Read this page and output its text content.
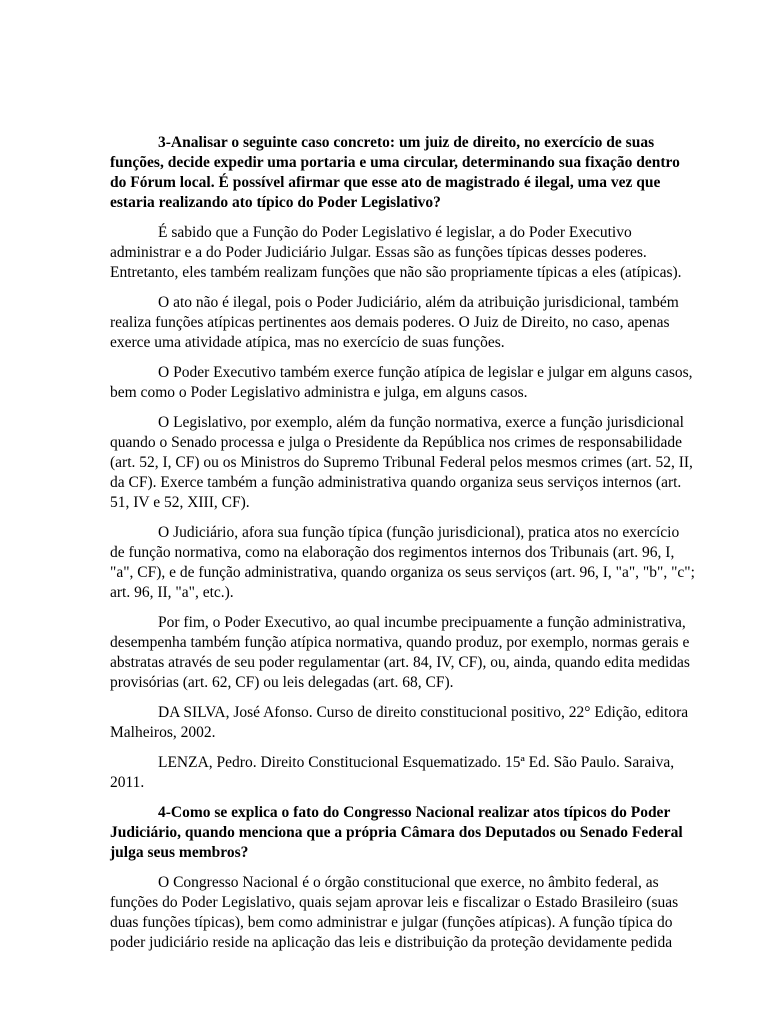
3-Analisar o seguinte caso concreto: um juiz de direito, no exercício de suas funções, decide expedir uma portaria e uma circular, determinando sua fixação dentro do Fórum local. É possível afirmar que esse ato de magistrado é ilegal, uma vez que estaria realizando ato típico do Poder Legislativo?

É sabido que a Função do Poder Legislativo é legislar, a do Poder Executivo administrar e a do Poder Judiciário Julgar. Essas são as funções típicas desses poderes. Entretanto, eles também realizam funções que não são propriamente típicas a eles (atípicas).

O ato não é ilegal, pois o Poder Judiciário, além da atribuição jurisdicional, também realiza funções atípicas pertinentes aos demais poderes. O Juiz de Direito, no caso, apenas exerce uma atividade atípica, mas no exercício de suas funções.

O Poder Executivo também exerce função atípica de legislar e julgar em alguns casos, bem como o Poder Legislativo administra e julga, em alguns casos.

O Legislativo, por exemplo, além da função normativa, exerce a função jurisdicional quando o Senado processa e julga o Presidente da República nos crimes de responsabilidade (art. 52, I, CF) ou os Ministros do Supremo Tribunal Federal pelos mesmos crimes (art. 52, II, da CF). Exerce também a função administrativa quando organiza seus serviços internos (art. 51, IV e 52, XIII, CF).

O Judiciário, afora sua função típica (função jurisdicional), pratica atos no exercício de função normativa, como na elaboração dos regimentos internos dos Tribunais (art. 96, I, "a", CF), e de função administrativa, quando organiza os seus serviços (art. 96, I, "a", "b", "c"; art. 96, II, "a", etc.).

Por fim, o Poder Executivo, ao qual incumbe precipuamente a função administrativa, desempenha também função atípica normativa, quando produz, por exemplo, normas gerais e abstratas através de seu poder regulamentar (art. 84, IV, CF), ou, ainda, quando edita medidas provisórias (art. 62, CF) ou leis delegadas (art. 68, CF).

DA SILVA, José Afonso. Curso de direito constitucional positivo, 22° Edição, editora Malheiros, 2002.

LENZA, Pedro. Direito Constitucional Esquematizado. 15ª Ed. São Paulo. Saraiva, 2011.

4-Como se explica o fato do Congresso Nacional realizar atos típicos do Poder Judiciário, quando menciona que a própria Câmara dos Deputados ou Senado Federal julga seus membros?

O Congresso Nacional é o órgão constitucional que exerce, no âmbito federal, as funções do Poder Legislativo, quais sejam aprovar leis e fiscalizar o Estado Brasileiro (suas duas funções típicas), bem como administrar e julgar (funções atípicas). A função típica do poder judiciário reside na aplicação das leis e distribuição da proteção devidamente pedida
